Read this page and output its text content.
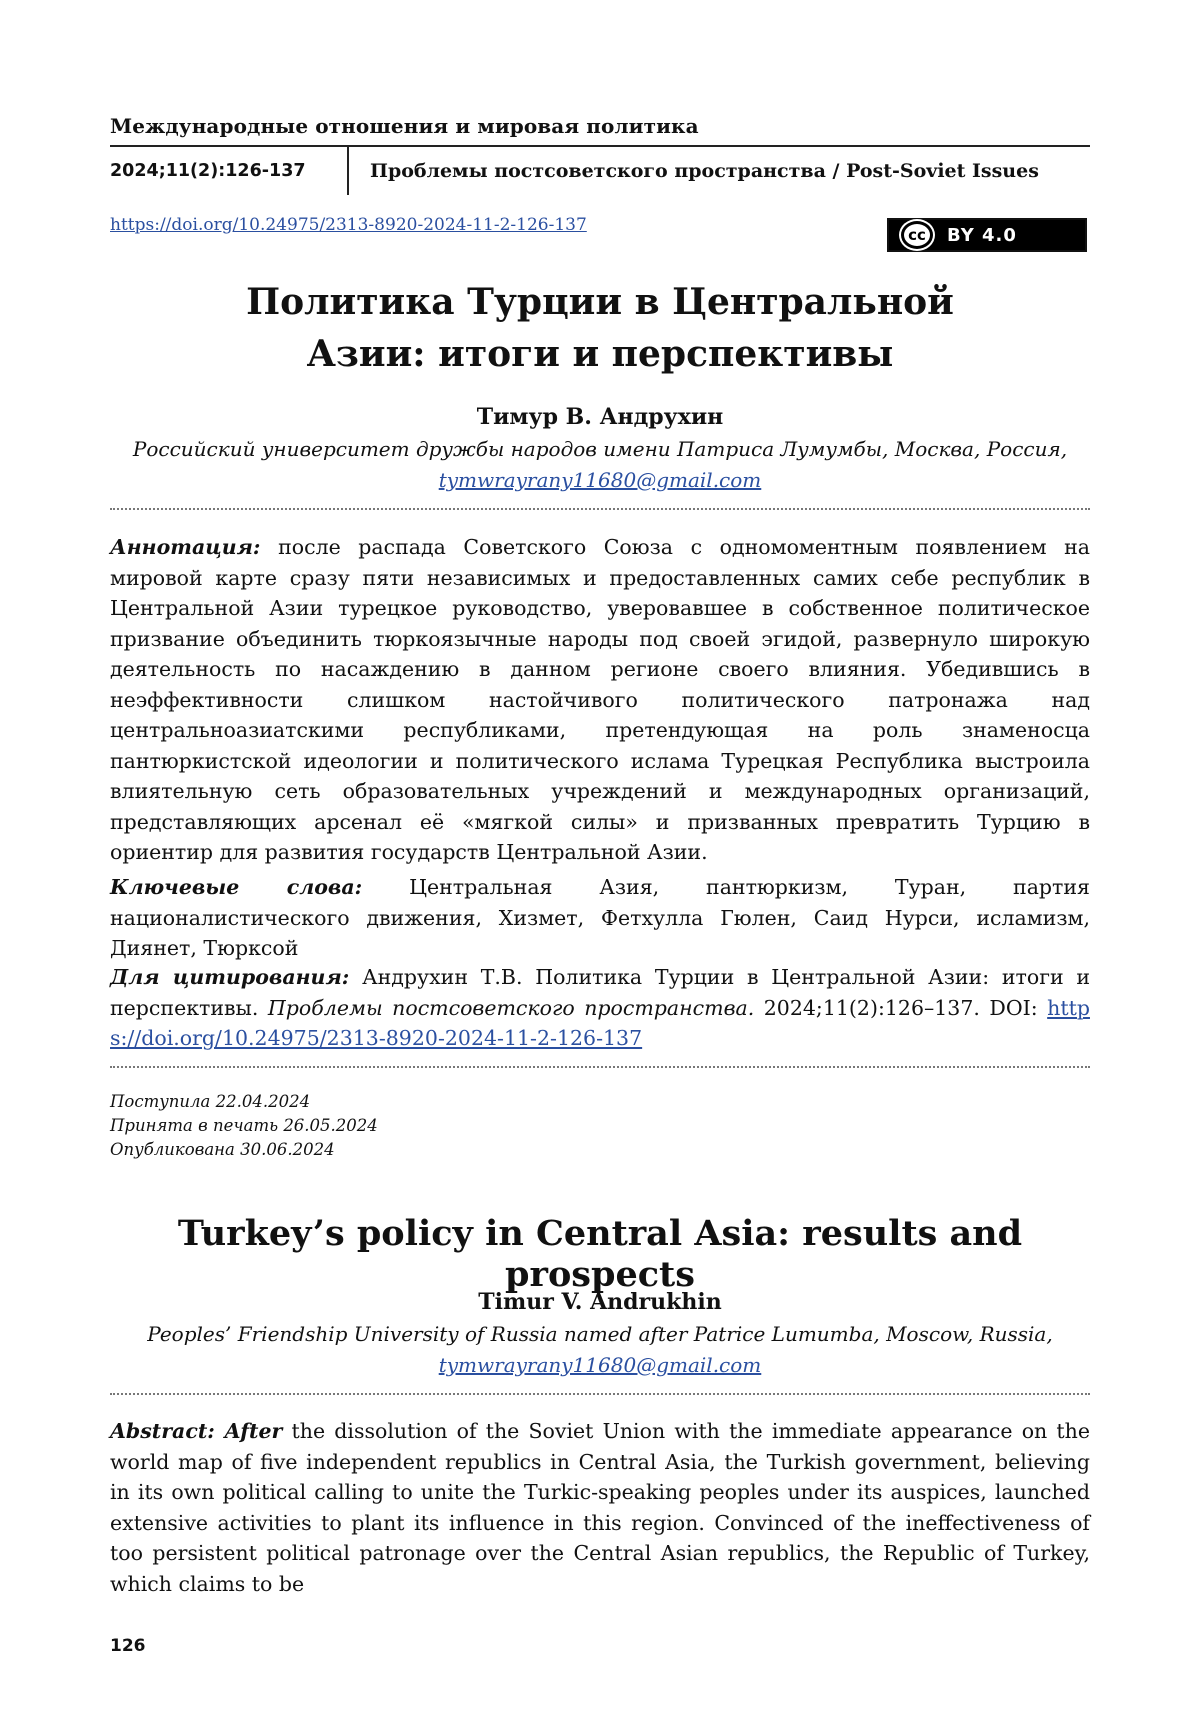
Международные отношения и мировая политика
2024;11(2):126-137	Проблемы постсоветского пространства / Post-Soviet Issues
https://doi.org/10.24975/2313-8920-2024-11-2-126-137	cc	BY 4.0
Политика Турции в Центральной
Азии: итоги и перспективы
Тимур В. Андрухин
Российский университет дружбы народов имени Патриса Лумумбы, Москва, Россия,
tymwrayrany11680@gmail.com
Аннотация: после распада Советского Союза с одномоментным появлением на мировой карте сразу пяти независимых и предоставленных самих себе республик в Центральной Азии турецкое руководство, уверовавшее в собственное политическое призвание объединить тюркоязычные народы под своей эгидой, развернуло широкую деятельность по насаждению в данном регионе своего влияния. Убедившись в неэффективности слишком настойчивого политического патронажа над центральноазиатскими республиками, претендующая на роль знаменосца пантюркистской идеологии и политического ислама Турецкая Республика выстроила влиятельную сеть образовательных учреждений и международных организаций, представляющих арсенал её «мягкой силы» и призванных превратить Турцию в ориентир для развития государств Центральной Азии.
Ключевые слова: Центральная Азия, пантюркизм, Туран, партия националистического движения, Хизмет, Фетхулла Гюлен, Саид Нурси, исламизм, Диянет, Тюрксой
Для цитирования: Андрухин Т.В. Политика Турции в Центральной Азии: итоги и перспективы. Проблемы постсоветского пространства. 2024;11(2):126–137. DOI: https://doi.org/10.24975/2313-8920-2024-11-2-126-137
Поступила 22.04.2024
Принята в печать 26.05.2024
Опубликована 30.06.2024
Turkey’s policy in Central Asia: results and prospects
Timur V. Andrukhin
Peoples’ Friendship University of Russia named after Patrice Lumumba, Moscow, Russia,
tymwrayrany11680@gmail.com
Abstract: After the dissolution of the Soviet Union with the immediate appearance on the world map of five independent republics in Central Asia, the Turkish government, believing in its own political calling to unite the Turkic-speaking peoples under its auspices, launched extensive activities to plant its influence in this region. Convinced of the ineffectiveness of too persistent political patronage over the Central Asian republics, the Republic of Turkey, which claims to be
126
